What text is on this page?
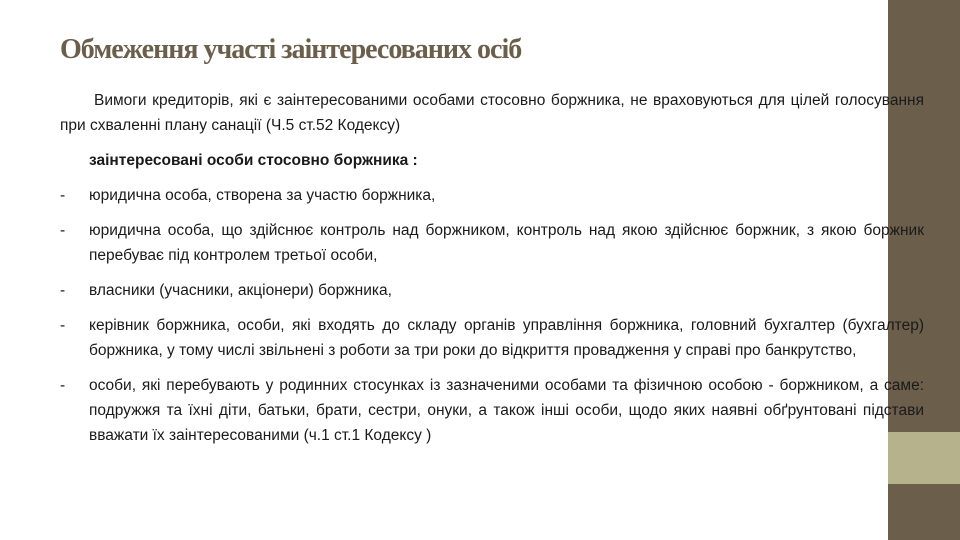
Обмеження участі заінтересованих осіб

Вимоги кредиторів, які є заінтересованими особами стосовно боржника, не враховуються для цілей голосування при схваленні плану санації (Ч.5 ст.52 Кодексу)

заінтересовані особи стосовно боржника :

-	юридична особа, створена за участю боржника,
-	юридична особа, що здійснює контроль над боржником, контроль над якою здійснює боржник, з якою боржник перебуває під контролем третьої особи,
-	власники (учасники, акціонери) боржника,
-	керівник боржника, особи, які входять до складу органів управління боржника, головний бухгалтер (бухгалтер) боржника, у тому числі звільнені з роботи за три роки до відкриття провадження у справі про банкрутство,
-	особи, які перебувають у родинних стосунках із зазначеними особами та фізичною особою - боржником, а саме: подружжя та їхні діти, батьки, брати, сестри, онуки, а також інші особи, щодо яких наявні обґрунтовані підстави вважати їх заінтересованими (ч.1 ст.1 Кодексу )
